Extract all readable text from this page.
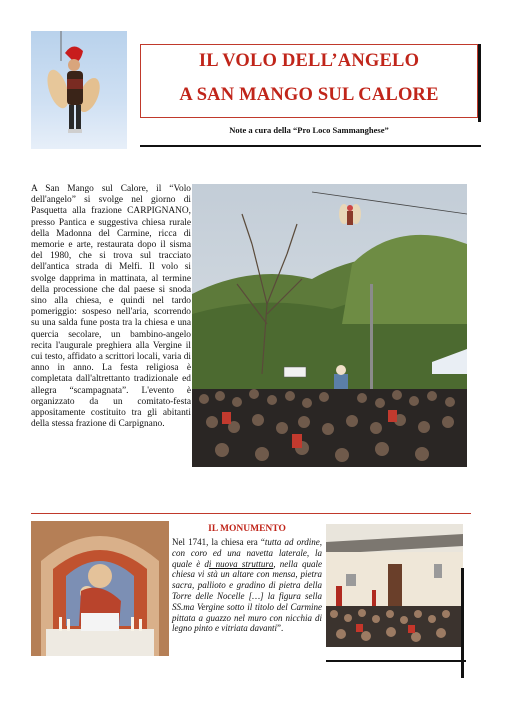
IL VOLO DELL’ANGELO
A SAN MANGO SUL CALORE
Note a cura della “Pro Loco Sammanghese”
A San Mango sul Calore, il “Volo dell'angelo” si svolge nel giorno di Pasquetta alla frazione CARPIGNANO, presso Pantica e suggestiva chiesa rurale della Madonna del Carmine, ricca di memorie e arte, restaurata dopo il sisma del 1980, che si trova sul tracciato dell'antica strada di Melfi. Il volo si svolge dapprima in mattinata, al termine della processione che dal paese si snoda sino alla chiesa, e quindi nel tardo pomeriggio: sospeso nell'aria, scorrendo su una salda fune posta tra la chiesa e una quercia secolare, un bambino-angelo recita l'augurale preghiera alla Vergine il cui testo, affidato a scrittori locali, varia di anno in anno. La festa religiosa è completata dall'altrettanto tradizionale ed allegra “scampagnata”. L'evento è organizzato da un comitato-festa appositamente costituito tra gli abitanti della stessa frazione di Carpignano.
IL MONUMENTO
Nel 1741, la chiesa era “tutta ad ordine, con coro ed una navetta laterale, la quale è di nuova struttura, nella quale chiesa vi stà un altare con mensa, pietra sacra, pallioto e gradino di pietra della Torre delle Nocelle […] la figura sella SS.ma Vergine sotto il titolo del Carmine pittata a guazzo nel muro con nicchia di legno pinto e vitriata davanti”.
